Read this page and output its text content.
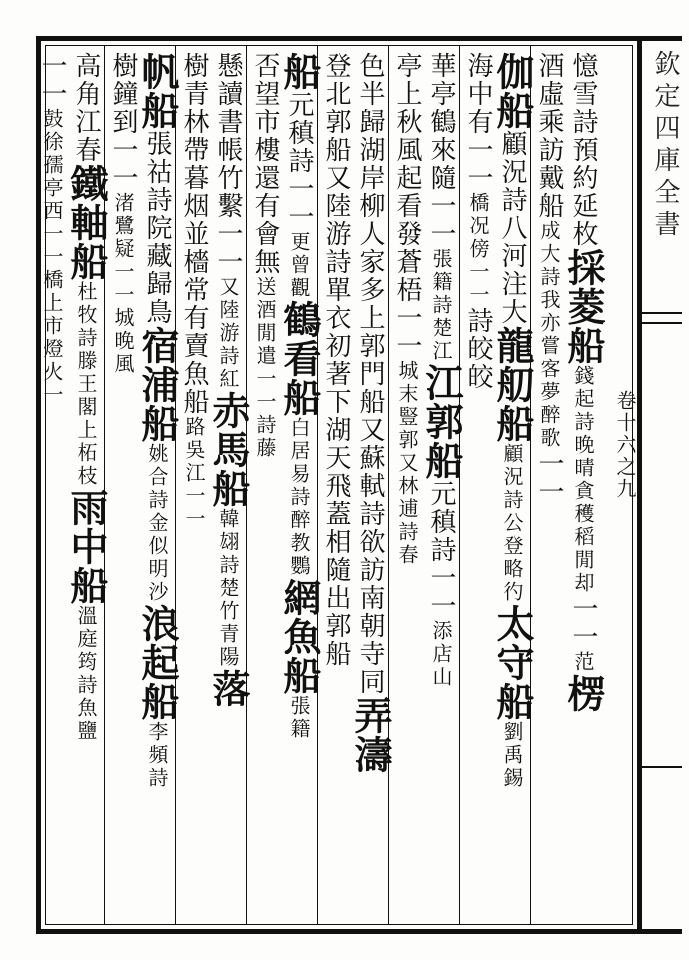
欽定四庫全書
卷十六之九
憶雪詩預約延枚採菱船錢起詩晚晴貪穫稻閒却一一范楞
酒虛乘訪戴船成大詩我亦嘗客夢醉歌一一
伽船顧況詩八河注大龍舠船顧況詩公登略彴太守船劉禹錫
海中有一一橋况傍一一詩皎皎
華亭鶴來隨一一張籍詩楚江江郭船元稹詩一一添店山
亭上秋風起看發蒼梧一一城末豎郭又林逋詩春
色半歸湖岸柳人家多上郭門船又蘇軾詩欲訪南朝寺同弄濤
登北郭船又陸游詩單衣初著下湖天飛蓋相隨出郭船
船元稹詩一一更曾觀鶴看船白居易詩醉教鸚網魚船張籍
否望市樓還有會無送酒閒遣一一詩藤
懸讀書帳竹繫一一又陸游詩紅赤馬船韓翃詩楚竹青陽落
樹青林帶暮烟並檣常有賣魚船路吳江一一
帆船張祜詩院藏歸鳥宿浦船姚合詩金似明沙浪起船李頻詩
樹鐘到一一渚鷺疑一一城晚風
高角江春鐵軸船杜牧詩滕王閣上柘枝雨中船溫庭筠詩魚鹽
一一鼓徐孺亭西一一橋上市燈火一
